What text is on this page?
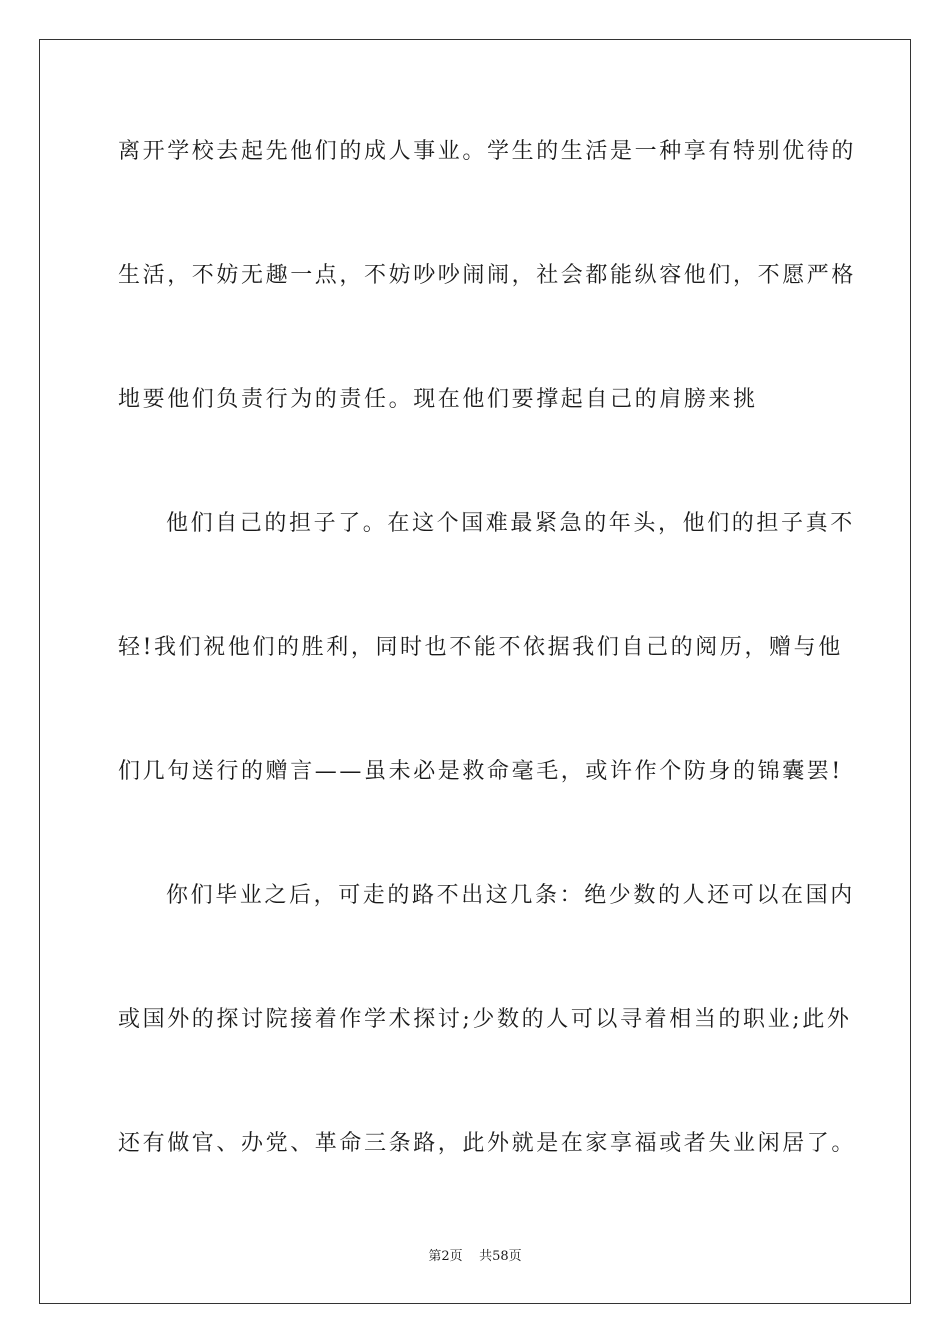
离开学校去起先他们的成人事业。学生的生活是一种享有特别优待的

生活，不妨无趣一点，不妨吵吵闹闹，社会都能纵容他们，不愿严格

地要他们负责行为的责任。现在他们要撑起自己的肩膀来挑

他们自己的担子了。在这个国难最紧急的年头，他们的担子真不

轻!我们祝他们的胜利，同时也不能不依据我们自己的阅历，赠与他

们几句送行的赠言——虽未必是救命毫毛，或许作个防身的锦囊罢!

你们毕业之后，可走的路不出这几条：绝少数的人还可以在国内

或国外的探讨院接着作学术探讨;少数的人可以寻着相当的职业;此外

还有做官、办党、革命三条路，此外就是在家享福或者失业闲居了。

第2页    共58页
